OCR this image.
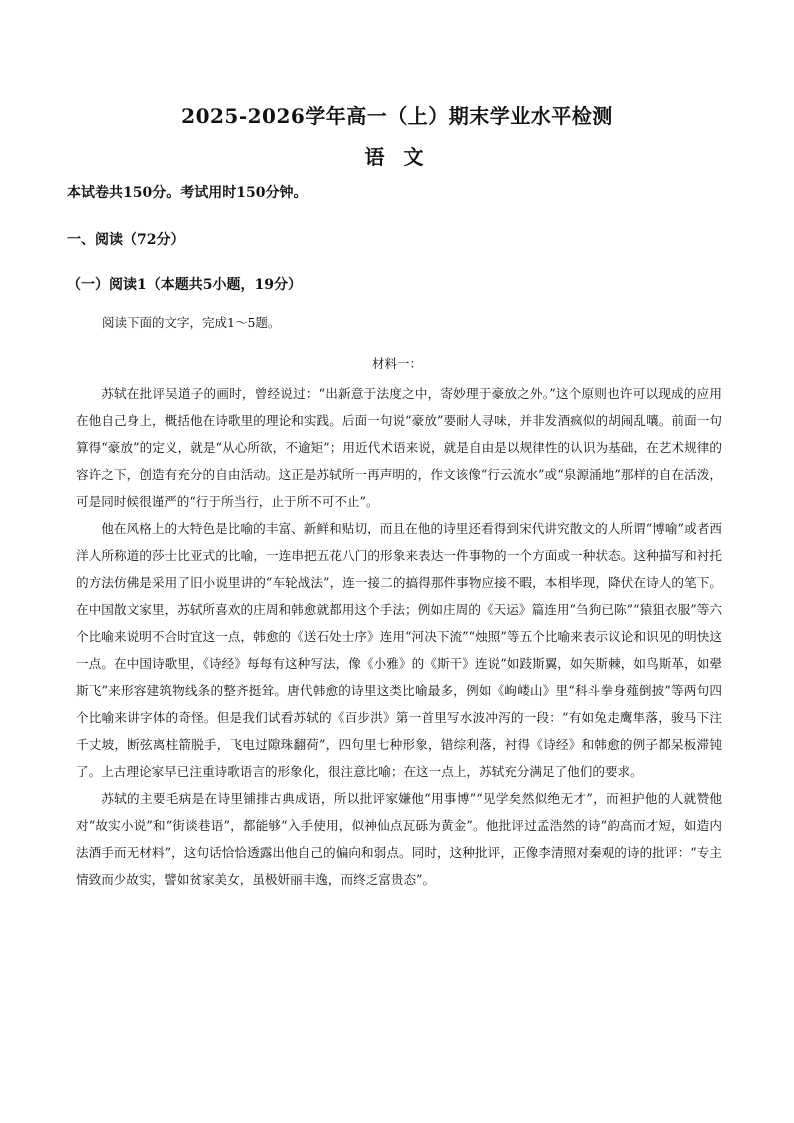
2025-2026学年高一（上）期末学业水平检测
语 文
本试卷共150分。考试用时150分钟。
一、阅读（72分）
（一）阅读1（本题共5小题，19分）
阅读下面的文字，完成1～5题。
材料一：

苏轼在批评吴道子的画时，曾经说过：“出新意于法度之中，寄妙理于豪放之外。”这个原则也许可以现成的应用在他自己身上，概括他在诗歌里的理论和实践。后面一句说“豪放”要耐人寻味，并非发酒疯似的胡闹乱嚷。前面一句算得“豪放”的定义，就是“从心所欲，不逾矩”；用近代术语来说，就是自由是以规律性的认识为基础，在艺术规律的容许之下，创造有充分的自由活动。这正是苏轼所一再声明的，作文该像“行云流水”或“泉源涌地”那样的自在活泼，可是同时候很谨严的“行于所当行，止于所不可不止”。

他在风格上的大特色是比喻的丰富、新鲜和贴切，而且在他的诗里还看得到宋代讲究散文的人所谓“博喻”或者西洋人所称道的莎士比亚式的比喻，一连串把五花八门的形象来表达一件事物的一个方面或一种状态。这种描写和衬托的方法仿佛是采用了旧小说里讲的“车轮战法”，连一接二的搞得那件事物应接不暇，本相毕现，降伏在诗人的笔下。在中国散文家里，苏轼所喜欢的庄周和韩愈就都用这个手法；例如庄周的《天运》篇连用“刍狗已陈”“猿狙衣服”等六个比喻来说明不合时宜这一点，韩愈的《送石处士序》连用“河决下流”“烛照”等五个比喻来表示议论和识见的明快这一点。在中国诗歌里，《诗经》每每有这种写法，像《小雅》的《斯干》连说“如跂斯翼，如矢斯棘，如鸟斯革，如翚斯飞”来形容建筑物线条的整齐挺耸。唐代韩愈的诗里这类比喻最多，例如《岣嵝山》里“科斗拳身薤倒披”等两句四个比喻来讲字体的奇怪。但是我们试看苏轼的《百步洪》第一首里写水波冲泻的一段：“有如兔走鹰隼落，骏马下注千丈坡，断弦离柱箭脱手，飞电过隙珠翻荷”，四句里七种形象，错综利落，衬得《诗经》和韩愈的例子都呆板滞钝了。上古理论家早已注重诗歌语言的形象化，很注意比喻；在这一点上，苏轼充分满足了他们的要求。

苏轼的主要毛病是在诗里铺排古典成语，所以批评家嫌他“用事博”“见学矣然似绝无才”，而袒护他的人就赞他对“故实小说”和“街谈巷语”，都能够“入手使用，似神仙点瓦砾为黄金”。他批评过孟浩然的诗“韵高而才短，如造内法酒手而无材料”，这句话恰恰透露出他自己的偏向和弱点。同时，这种批评，正像李清照对秦观的诗的批评：“专主情致而少故实，譬如贫家美女，虽极妍丽丰逸，而终乏富贵态”。
